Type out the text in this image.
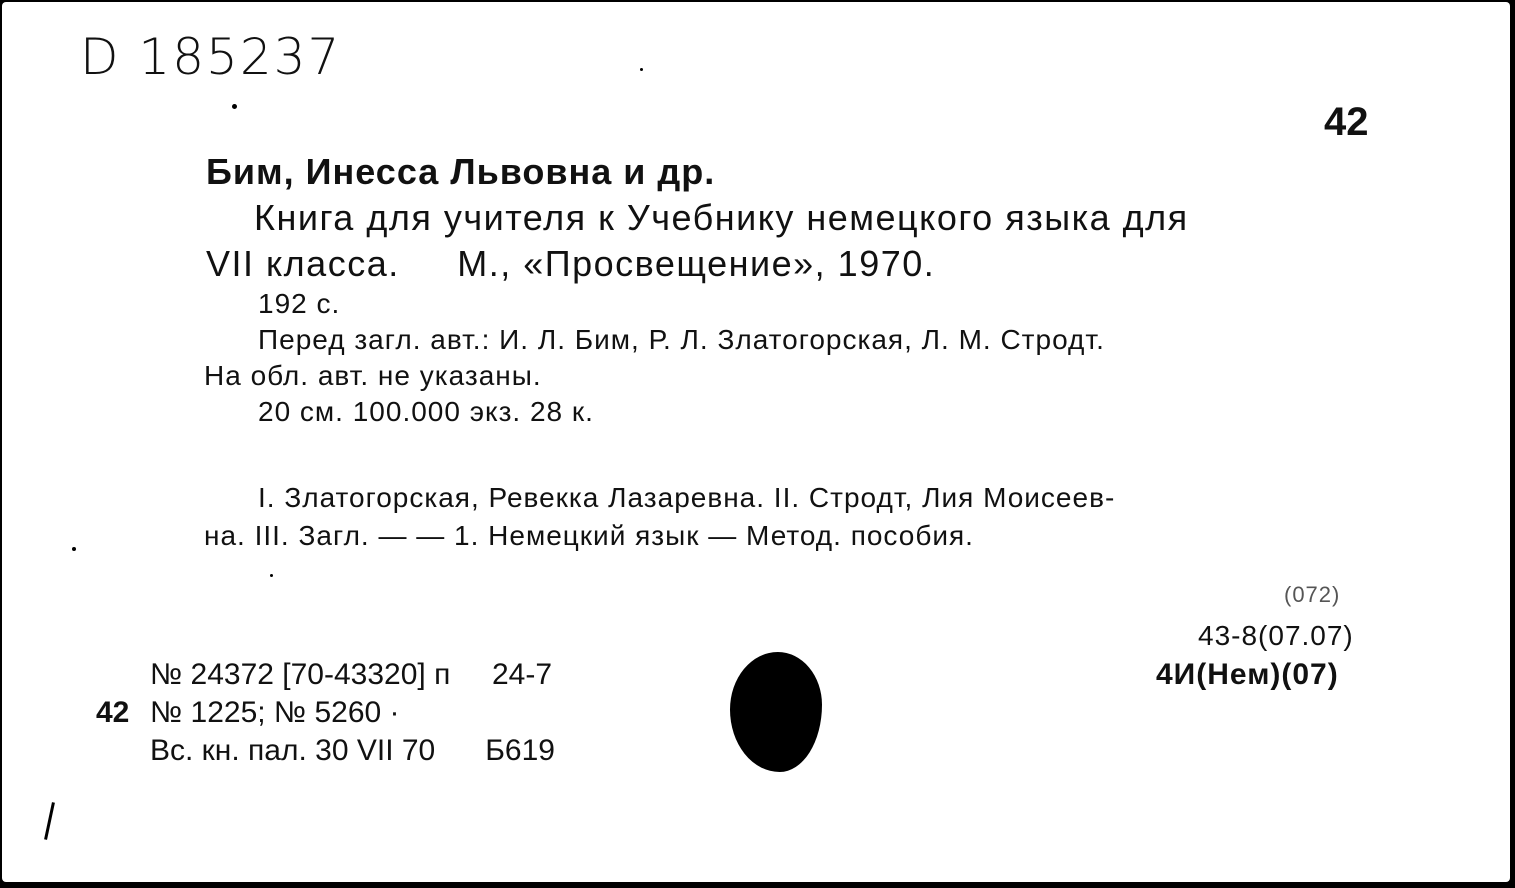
D 185237
42
Бим, Инесса Львовна и др.
Книга для учителя к Учебнику немецкого языка для
VII класса.     М., «Просвещение», 1970.
192 с.
Перед загл. авт.: И. Л. Бим, Р. Л. Златогорская, Л. М. Стродт.
На обл. авт. не указаны.
20 см. 100.000 экз. 28 к.
I. Златогорская, Ревекка Лазаревна. II. Стродт, Лия Моисеев-
на. III. Загл. — — 1. Немецкий язык — Метод. пособия.
(072)
43-8(07.07)
4И(Нем)(07)
№ 24372 [70-43320] п     24-7
42 № 1225; № 5260 ·
Вс. кн. пал. 30 VII 70      Б619
